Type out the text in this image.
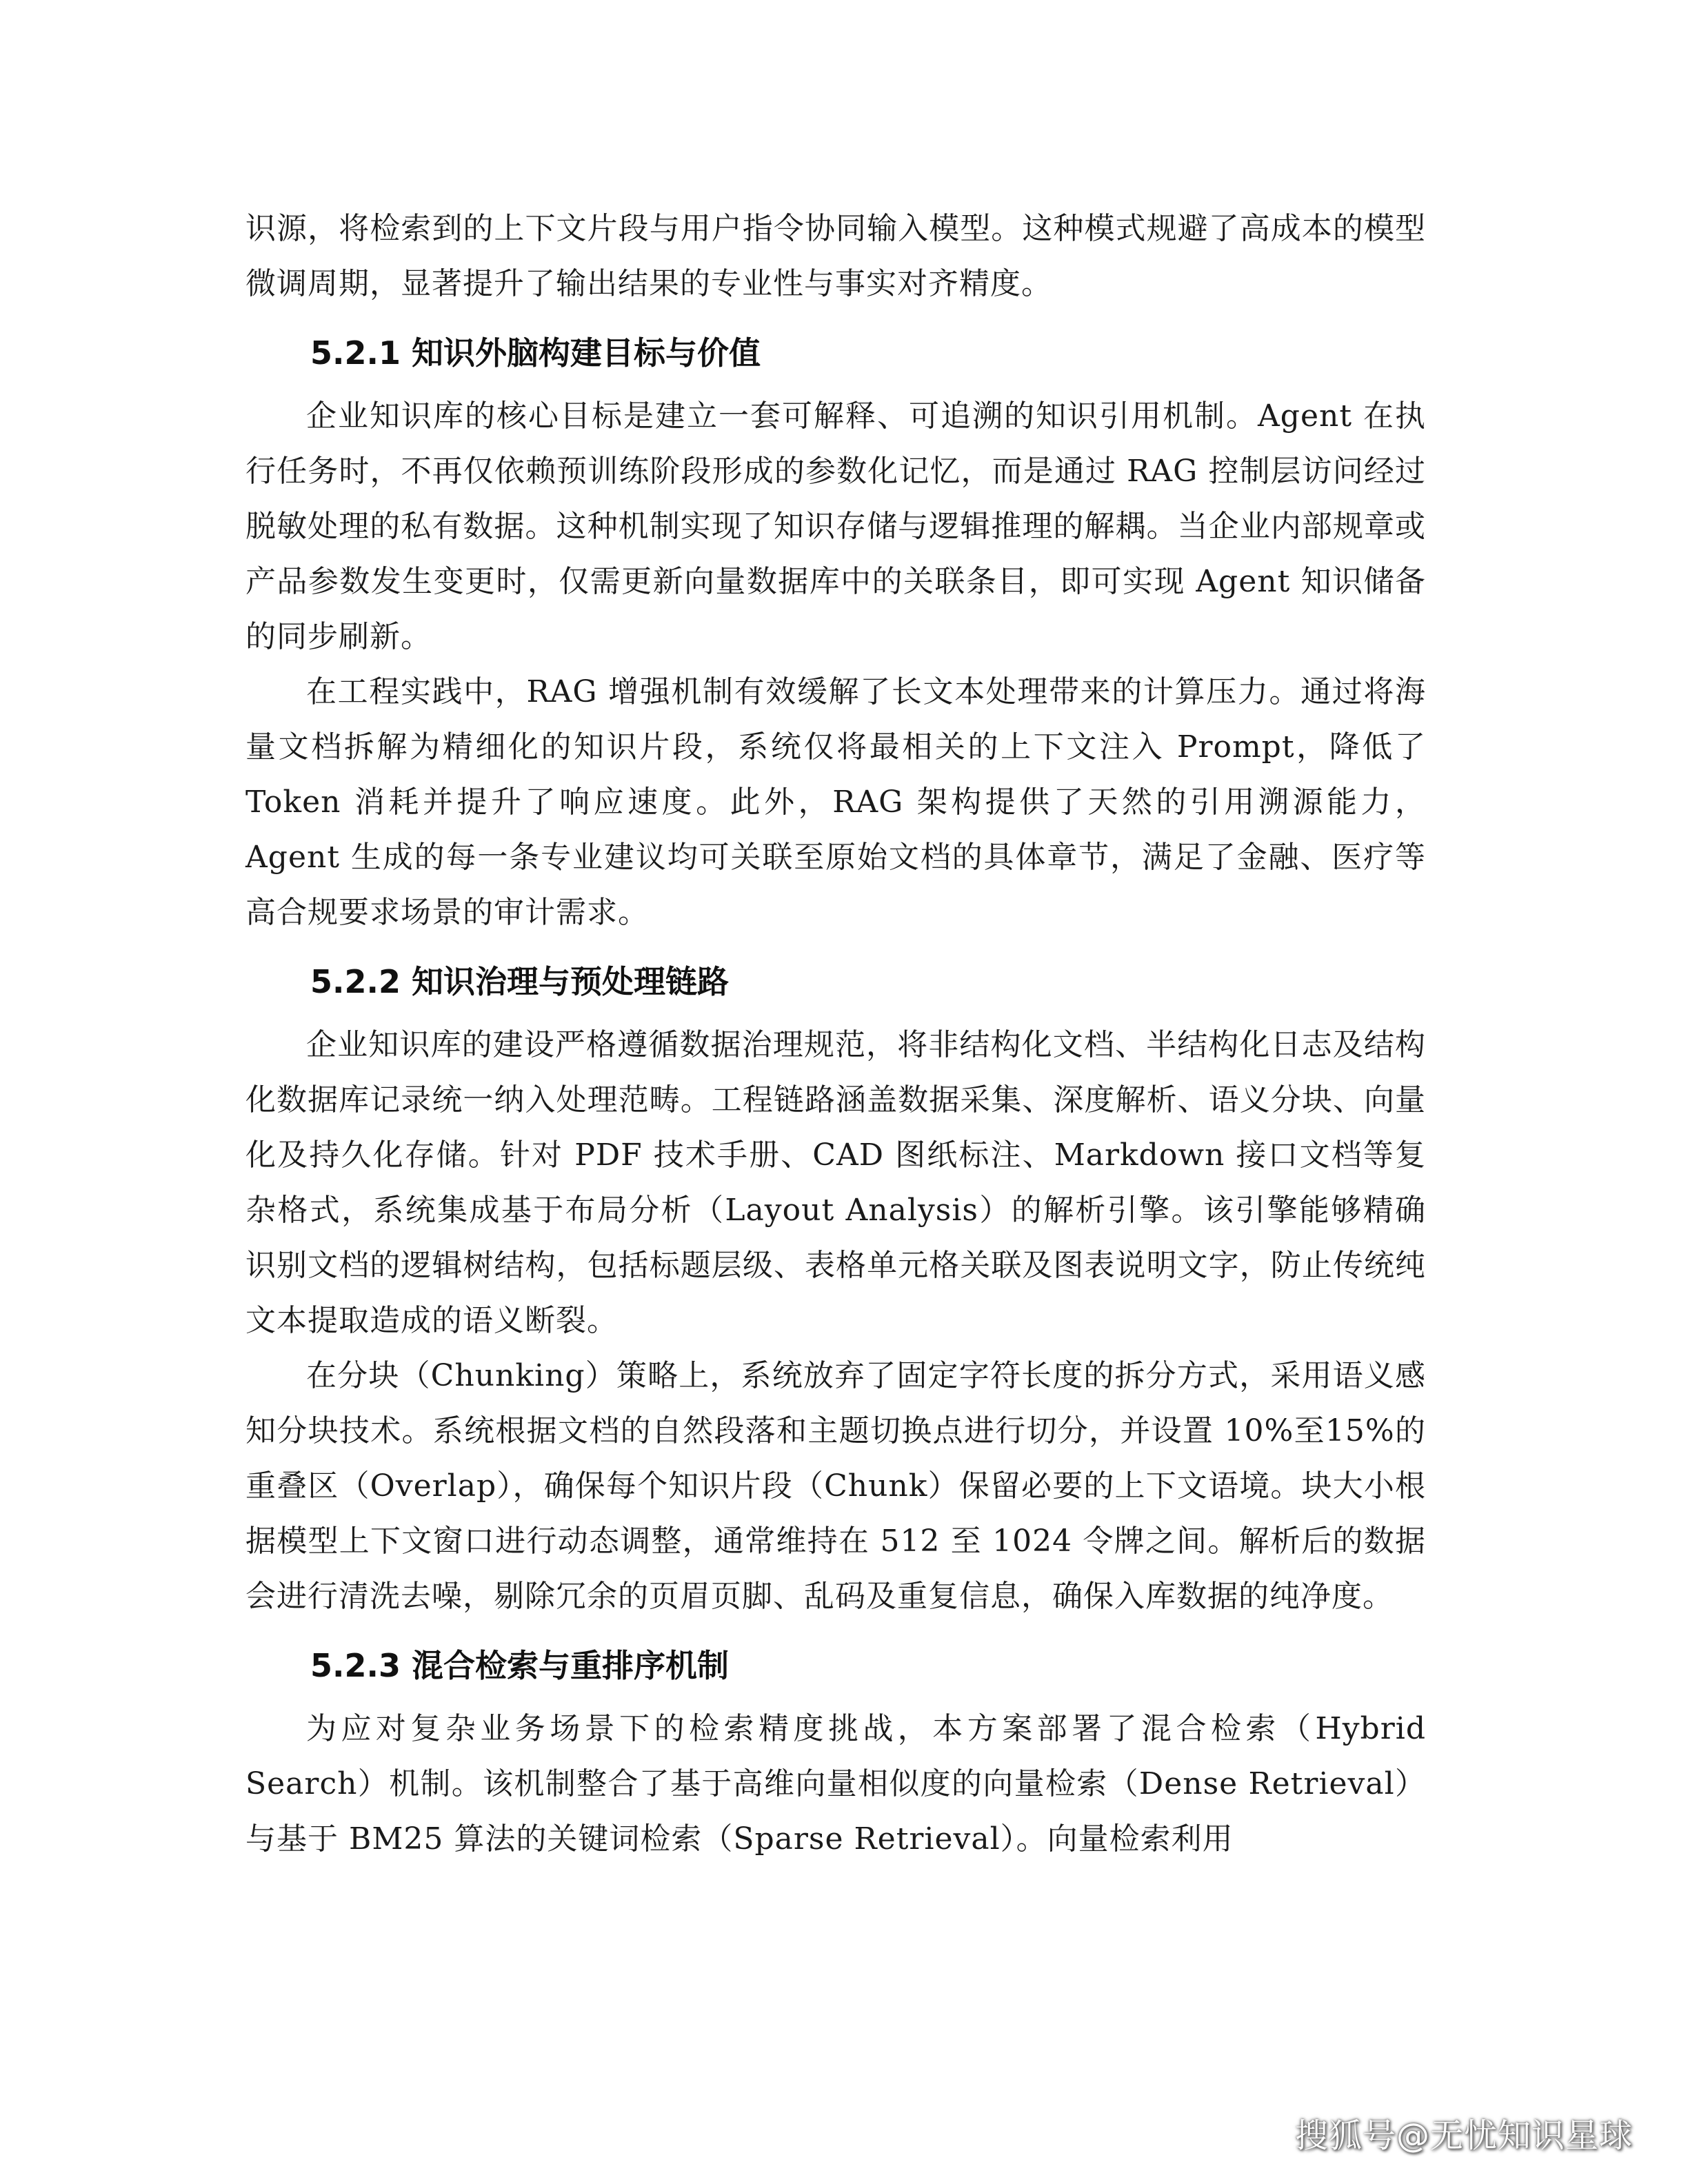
识源，将检索到的上下文片段与用户指令协同输入模型。这种模式规避了高成本的模型微调周期，显著提升了输出结果的专业性与事实对齐精度。

5.2.1 知识外脑构建目标与价值

企业知识库的核心目标是建立一套可解释、可追溯的知识引用机制。Agent 在执行任务时，不再仅依赖预训练阶段形成的参数化记忆，而是通过 RAG 控制层访问经过脱敏处理的私有数据。这种机制实现了知识存储与逻辑推理的解耦。当企业内部规章或产品参数发生变更时，仅需更新向量数据库中的关联条目，即可实现 Agent 知识储备的同步刷新。

在工程实践中，RAG 增强机制有效缓解了长文本处理带来的计算压力。通过将海量文档拆解为精细化的知识片段，系统仅将最相关的上下文注入 Prompt，降低了 Token 消耗并提升了响应速度。此外，RAG 架构提供了天然的引用溯源能力，Agent 生成的每一条专业建议均可关联至原始文档的具体章节，满足了金融、医疗等高合规要求场景的审计需求。

5.2.2 知识治理与预处理链路

企业知识库的建设严格遵循数据治理规范，将非结构化文档、半结构化日志及结构化数据库记录统一纳入处理范畴。工程链路涵盖数据采集、深度解析、语义分块、向量化及持久化存储。针对 PDF 技术手册、CAD 图纸标注、Markdown 接口文档等复杂格式，系统集成基于布局分析（Layout Analysis）的解析引擎。该引擎能够精确识别文档的逻辑树结构，包括标题层级、表格单元格关联及图表说明文字，防止传统纯文本提取造成的语义断裂。

在分块（Chunking）策略上，系统放弃了固定字符长度的拆分方式，采用语义感知分块技术。系统根据文档的自然段落和主题切换点进行切分，并设置 10%至15%的重叠区（Overlap），确保每个知识片段（Chunk）保留必要的上下文语境。块大小根据模型上下文窗口进行动态调整，通常维持在 512 至 1024 令牌之间。解析后的数据会进行清洗去噪，剔除冗余的页眉页脚、乱码及重复信息，确保入库数据的纯净度。

5.2.3 混合检索与重排序机制

为应对复杂业务场景下的检索精度挑战，本方案部署了混合检索（Hybrid Search）机制。该机制整合了基于高维向量相似度的向量检索（Dense Retrieval）与基于 BM25 算法的关键词检索（Sparse Retrieval）。向量检索利用

搜狐号@无忧知识星球
